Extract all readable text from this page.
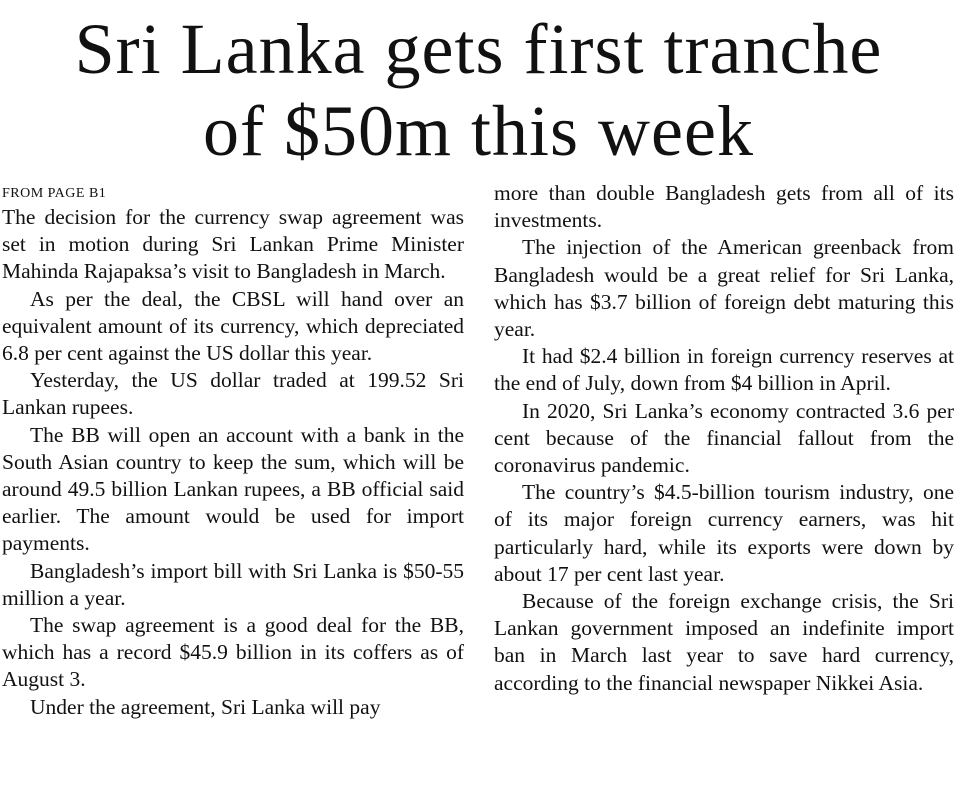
Sri Lanka gets first tranche
of $50m this week
FROM PAGE B1

The decision for the currency swap agreement was set in motion during Sri Lankan Prime Minister Mahinda Rajapaksa’s visit to Bangladesh in March.

As per the deal, the CBSL will hand over an equivalent amount of its currency, which depreciated 6.8 per cent against the US dollar this year.

Yesterday, the US dollar traded at 199.52 Sri Lankan rupees.

The BB will open an account with a bank in the South Asian country to keep the sum, which will be around 49.5 billion Lankan rupees, a BB official said earlier. The amount would be used for import payments.

Bangladesh’s import bill with Sri Lanka is $50-55 million a year.

The swap agreement is a good deal for the BB, which has a record $45.9 billion in its coffers as of August 3.

Under the agreement, Sri Lanka will pay

more than double Bangladesh gets from all of its investments.

The injection of the American greenback from Bangladesh would be a great relief for Sri Lanka, which has $3.7 billion of foreign debt maturing this year.

It had $2.4 billion in foreign currency reserves at the end of July, down from $4 billion in April.

In 2020, Sri Lanka’s economy contracted 3.6 per cent because of the financial fallout from the coronavirus pandemic.

The country’s $4.5-billion tourism industry, one of its major foreign currency earners, was hit particularly hard, while its exports were down by about 17 per cent last year.

Because of the foreign exchange crisis, the Sri Lankan government imposed an indefinite import ban in March last year to save hard currency, according to the financial newspaper Nikkei Asia.
